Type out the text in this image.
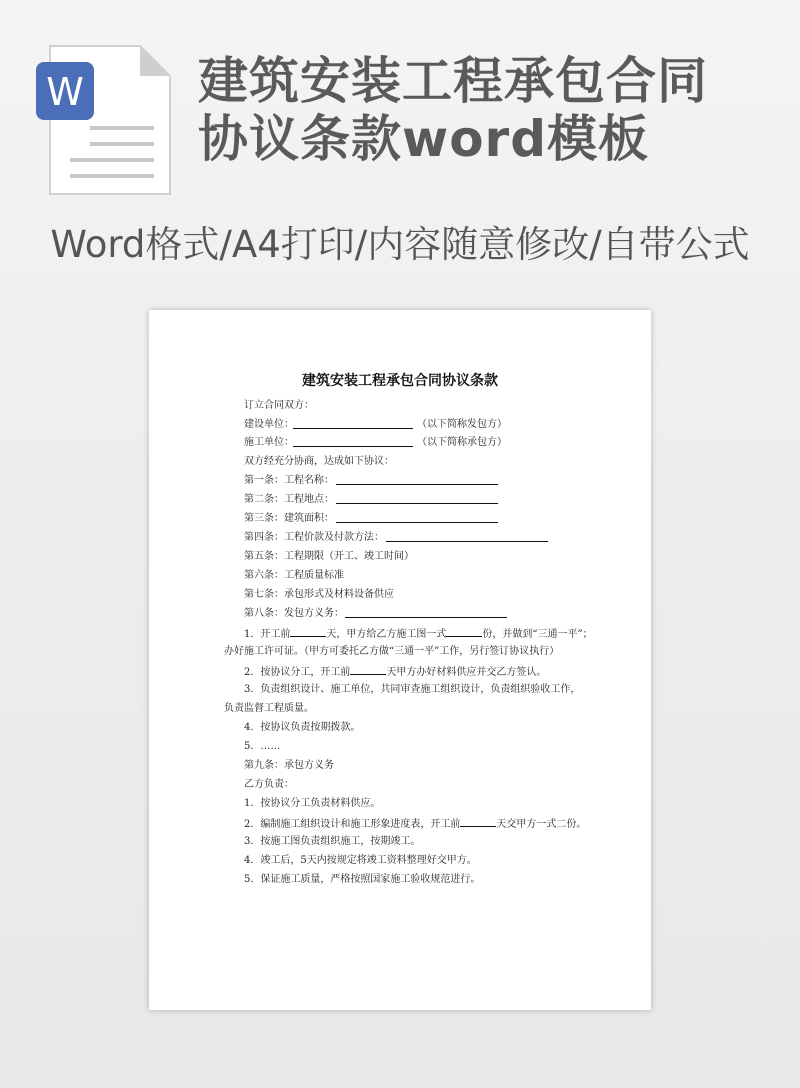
W 建筑安装工程承包合同协议条款word模板
Word格式/A4打印/内容随意修改/自带公式
建筑安装工程承包合同协议条款
订立合同双方：
建设单位：	（以下简称发包方）
施工单位：	（以下简称承包方）
双方经充分协商，达成如下协议：
第一条：工程名称：
第二条：工程地点：
第三条：建筑面积：
第四条：工程价款及付款方法：
第五条：工程期限（开工、竣工时间）
第六条：工程质量标准
第七条：承包形式及材料设备供应
第八条：发包方义务：
1．开工前	天，甲方给乙方施工图一式	份，并做到“三通一平”；
办好施工许可证。（甲方可委托乙方做“三通一平”工作，另行签订协议执行）
2．按协议分工，开工前	天甲方办好材料供应并交乙方签认。
3．负责组织设计、施工单位，共同审查施工组织设计，负责组织验收工作，
负责监督工程质量。
4．按协议负责按期拨款。
5．……
第九条：承包方义务
乙方负责：
1．按协议分工负责材料供应。
2．编制施工组织设计和施工形象进度表，开工前	天交甲方一式二份。
3．按施工图负责组织施工，按期竣工。
4．竣工后，5天内按规定将竣工资料整理好交甲方。
5．保证施工质量，严格按照国家施工验收规范进行。
